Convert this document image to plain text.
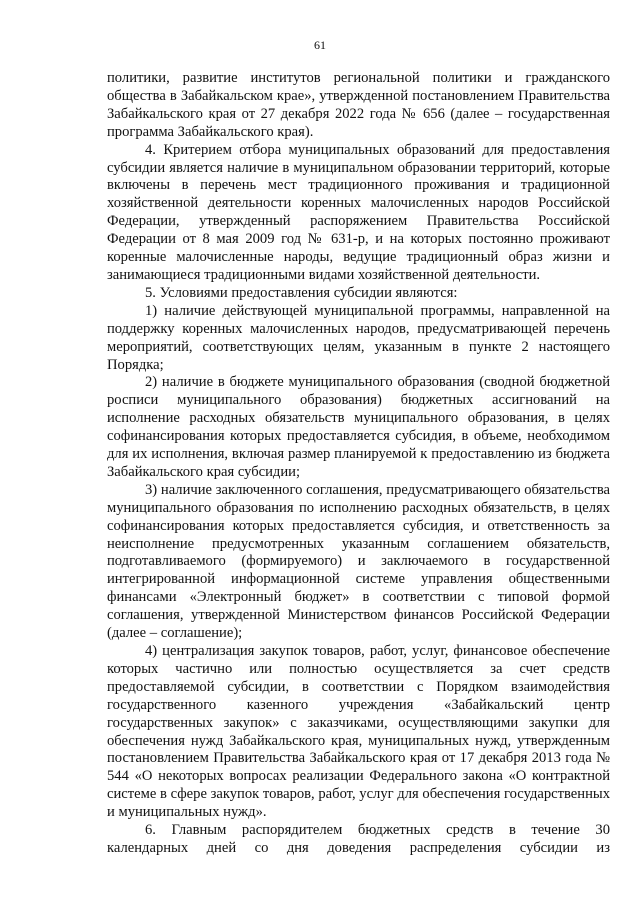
61

политики, развитие институтов региональной политики и гражданского общества в Забайкальском крае», утвержденной постановлением Правительства Забайкальского края от 27 декабря 2022 года № 656 (далее – государственная программа Забайкальского края).

4. Критерием отбора муниципальных образований для предоставления субсидии является наличие в муниципальном образовании территорий, которые включены в перечень мест традиционного проживания и традиционной хозяйственной деятельности коренных малочисленных народов Российской Федерации, утвержденный распоряжением Правительства Российской Федерации от 8 мая 2009 год № 631-р, и на которых постоянно проживают коренные малочисленные народы, ведущие традиционный образ жизни и занимающиеся традиционными видами хозяйственной деятельности.

5. Условиями предоставления субсидии являются:

1) наличие действующей муниципальной программы, направленной на поддержку коренных малочисленных народов, предусматривающей перечень мероприятий, соответствующих целям, указанным в пункте 2 настоящего Порядка;

2) наличие в бюджете муниципального образования (сводной бюджетной росписи муниципального образования) бюджетных ассигнований на исполнение расходных обязательств муниципального образования, в целях софинансирования которых предоставляется субсидия, в объеме, необходимом для их исполнения, включая размер планируемой к предоставлению из бюджета Забайкальского края субсидии;

3) наличие заключенного соглашения, предусматривающего обязательства муниципального образования по исполнению расходных обязательств, в целях софинансирования которых предоставляется субсидия, и ответственность за неисполнение предусмотренных указанным соглашением обязательств, подготавливаемого (формируемого) и заключаемого в государственной интегрированной информационной системе управления общественными финансами «Электронный бюджет» в соответствии с типовой формой соглашения, утвержденной Министерством финансов Российской Федерации (далее – соглашение);

4) централизация закупок товаров, работ, услуг, финансовое обеспечение которых частично или полностью осуществляется за счет средств предоставляемой субсидии, в соответствии с Порядком взаимодействия государственного казенного учреждения «Забайкальский центр государственных закупок» с заказчиками, осуществляющими закупки для обеспечения нужд Забайкальского края, муниципальных нужд, утвержденным постановлением Правительства Забайкальского края от 17 декабря 2013 года № 544 «О некоторых вопросах реализации Федерального закона «О контрактной системе в сфере закупок товаров, работ, услуг для обеспечения государственных и муниципальных нужд».

6. Главным распорядителем бюджетных средств в течение 30 календарных дней со дня доведения распределения субсидии из
